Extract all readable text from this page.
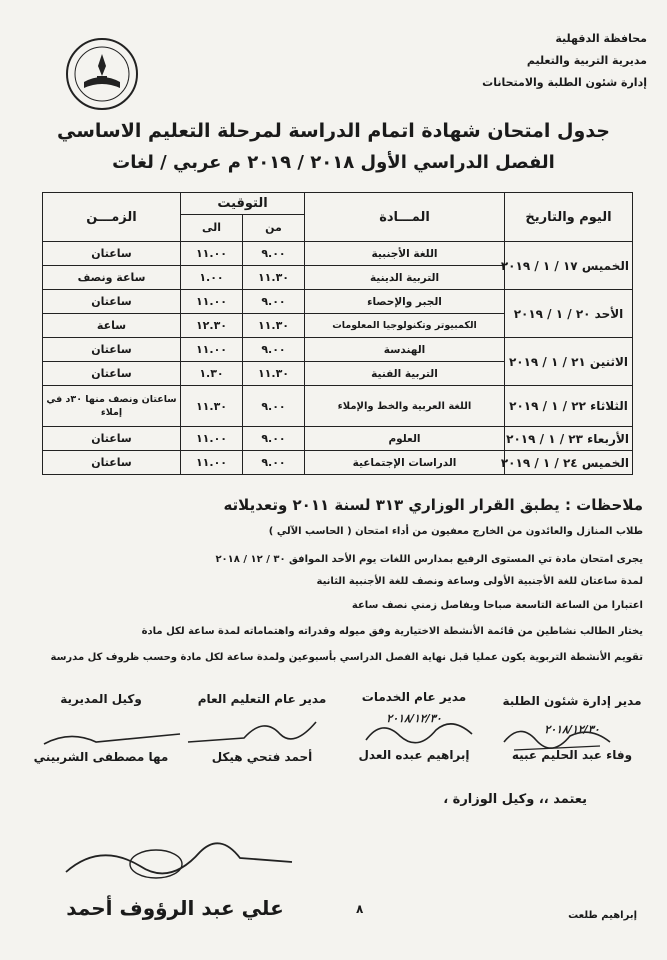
محافظة الدقهلية
مديرية التربية والتعليم
إدارة شئون الطلبة والامتحانات
جدول امتحان شهادة اتمام الدراسة لمرحلة التعليم الاساسي
الفصل الدراسي الأول ٢٠١٨ / ٢٠١٩ م عربي / لغات
اليوم والتاريخ	المـــادة	التوقيت		الزمـــن
		من	الى	
الخميس ١٧ / ١ / ٢٠١٩	اللغة الأجنبية	٩.٠٠	١١.٠٠	ساعتان
	التربية الدينية	١١.٣٠	١.٠٠	ساعة ونصف
الأحد ٢٠ / ١ / ٢٠١٩	الجبر والإحصاء	٩.٠٠	١١.٠٠	ساعتان
	الكمبيوتر وتكنولوجيا المعلومات	١١.٣٠	١٢.٣٠	ساعة
الاثنين ٢١ / ١ / ٢٠١٩	الهندسة	٩.٠٠	١١.٠٠	ساعتان
	التربية الفنية	١١.٣٠	١.٣٠	ساعتان
الثلاثاء ٢٢ / ١ / ٢٠١٩	اللغة العربية والخط والإملاء	٩.٠٠	١١.٣٠	ساعتان ونصف منها ٣٠د في إملاء
الأربعاء ٢٣ / ١ / ٢٠١٩	العلوم	٩.٠٠	١١.٠٠	ساعتان
الخميس ٢٤ / ١ / ٢٠١٩	الدراسات الإجتماعية	٩.٠٠	١١.٠٠	ساعتان
ملاحظات : يطبق القرار الوزاري ٣١٣ لسنة ٢٠١١ وتعديلاته
طلاب المنازل والعائدون من الخارج معفيون من أداء امتحان ( الحاسب الآلي )
يجرى امتحان مادة تي المستوى الرفيع بمدارس اللغات يوم الأحد الموافق ٣٠ / ١٢ / ٢٠١٨
لمدة ساعتان للغة الأجنبية الأولى وساعة ونصف للغة الأجنبية الثانية
اعتبارا من الساعة التاسعة صباحا وبفاصل زمني نصف ساعة
يختار الطالب نشاطين من قائمة الأنشطة الاختيارية وفق ميوله وقدراته واهتماماته لمدة ساعة لكل مادة
تقويم الأنشطة التربوية يكون عمليا قبل نهاية الفصل الدراسي بأسبوعين ولمدة ساعة لكل مادة وحسب ظروف كل مدرسة
مدير إدارة شئون الطلبة
٢٠١٨/١٢/٣٠
وفاء عبد الحليم عبيه
مدير عام الخدمات
٢٠١٨/١٢/٣٠
إبراهيم عبده العدل
مدير عام التعليم العام
أحمد فتحي هيكل
وكيل المديرية
مها مصطفى الشربيني
يعتمد ،، وكيل الوزارة ،
علي عبد الرؤوف أحمد	٨	إبراهيم طلعت
